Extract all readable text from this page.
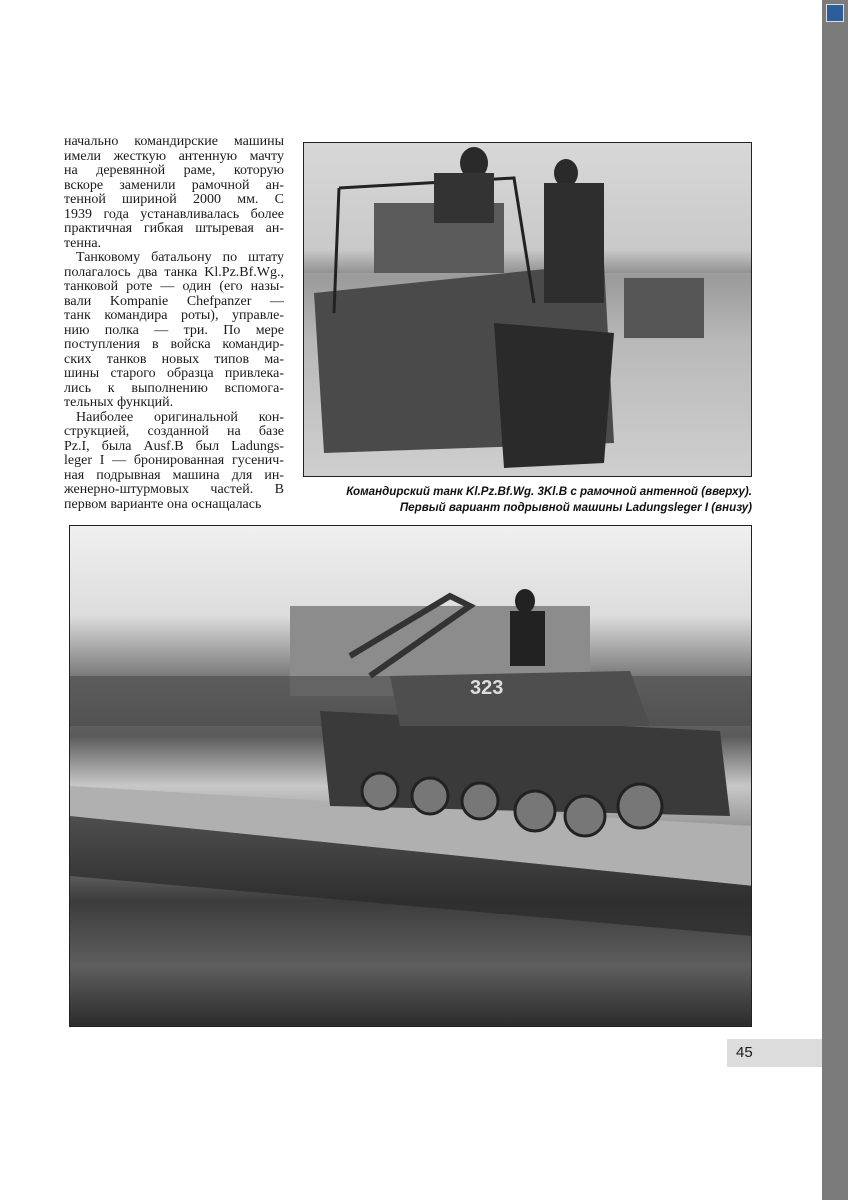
начально командирские машины
имели жесткую антенную мачту
на деревянной раме, которую
вскоре заменили рамочной ан-
тенной шириной 2000 мм. С
1939 года устанавливалась более
практичная гибкая штыревая ан-
тенна.
Танковому батальону по штату
полагалось два танка Kl.Pz.Bf.Wg.,
танковой роте — один (его назы-
вали Kompanie Chefpanzer —
танк командира роты), управле-
нию полка — три. По мере
поступления в войска командир-
ских танков новых типов ма-
шины старого образца привлека-
лись к выполнению вспомога-
тельных функций.
Наиболее оригинальной кон-
струкцией, созданной на базе
Pz.I, была Ausf.B был Ladungs-
leger I — бронированная гусенич-
ная подрывная машина для ин-
женерно-штурмовых частей. В
первом варианте она оснащалась
Командирский танк Kl.Pz.Bf.Wg. 3Kl.B с рамочной антенной (вверху).
Первый вариант подрывной машины Ladungsleger I (внизу)
323
45
